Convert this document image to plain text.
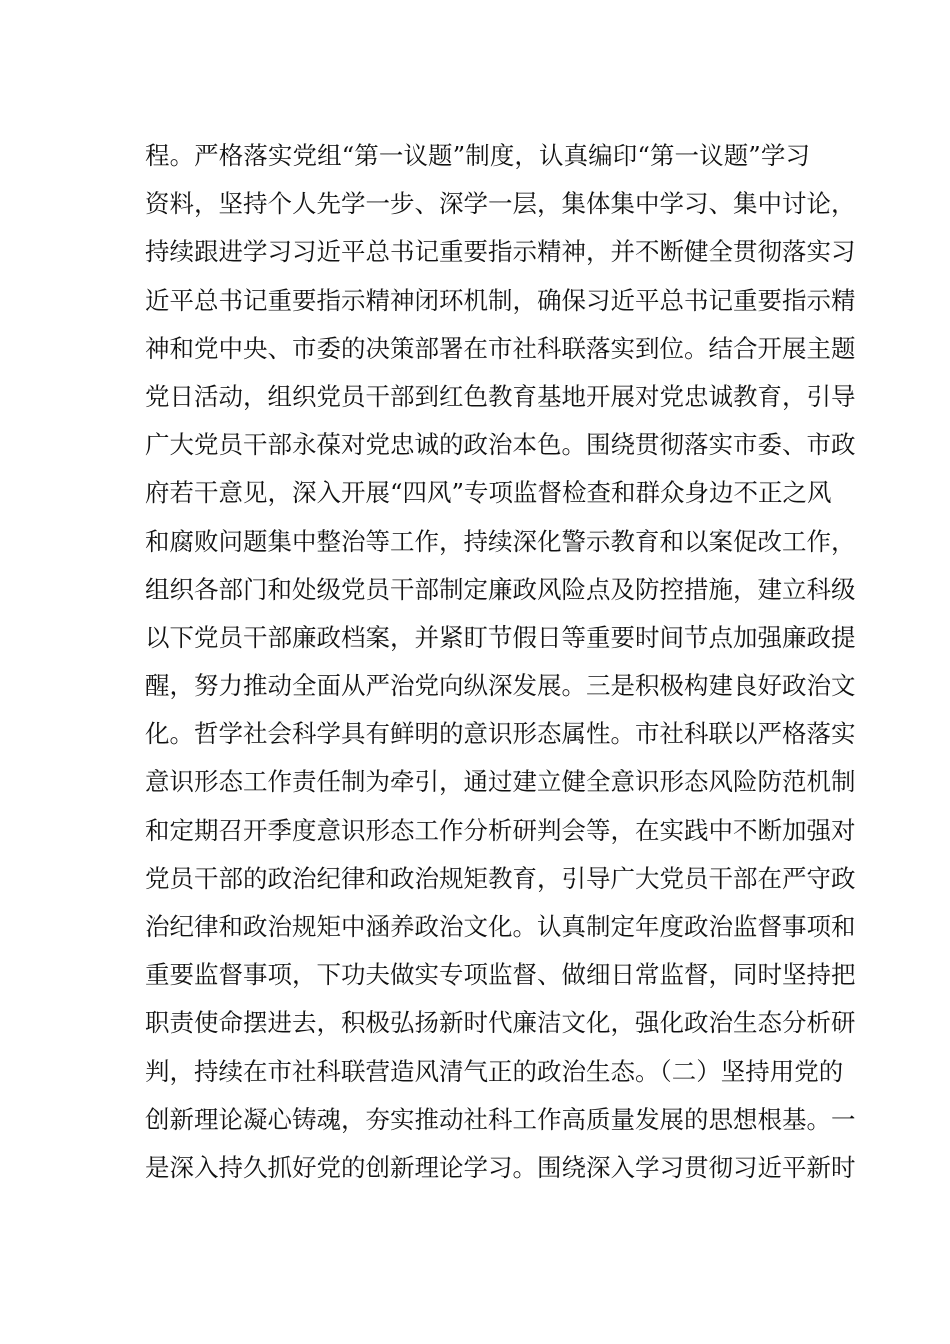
程。严格落实党组“第一议题”制度，认真编印“第一议题”学习
资料，坚持个人先学一步、深学一层，集体集中学习、集中讨论，
持续跟进学习习近平总书记重要指示精神，并不断健全贯彻落实习
近平总书记重要指示精神闭环机制，确保习近平总书记重要指示精
神和党中央、市委的决策部署在市社科联落实到位。结合开展主题
党日活动，组织党员干部到红色教育基地开展对党忠诚教育，引导
广大党员干部永葆对党忠诚的政治本色。围绕贯彻落实市委、市政
府若干意见，深入开展“四风”专项监督检查和群众身边不正之风
和腐败问题集中整治等工作，持续深化警示教育和以案促改工作，
组织各部门和处级党员干部制定廉政风险点及防控措施，建立科级
以下党员干部廉政档案，并紧盯节假日等重要时间节点加强廉政提
醒，努力推动全面从严治党向纵深发展。三是积极构建良好政治文
化。哲学社会科学具有鲜明的意识形态属性。市社科联以严格落实
意识形态工作责任制为牵引，通过建立健全意识形态风险防范机制
和定期召开季度意识形态工作分析研判会等，在实践中不断加强对
党员干部的政治纪律和政治规矩教育，引导广大党员干部在严守政
治纪律和政治规矩中涵养政治文化。认真制定年度政治监督事项和
重要监督事项，下功夫做实专项监督、做细日常监督，同时坚持把
职责使命摆进去，积极弘扬新时代廉洁文化，强化政治生态分析研
判，持续在市社科联营造风清气正的政治生态。（二）坚持用党的
创新理论凝心铸魂，夯实推动社科工作高质量发展的思想根基。一
是深入持久抓好党的创新理论学习。围绕深入学习贯彻习近平新时
